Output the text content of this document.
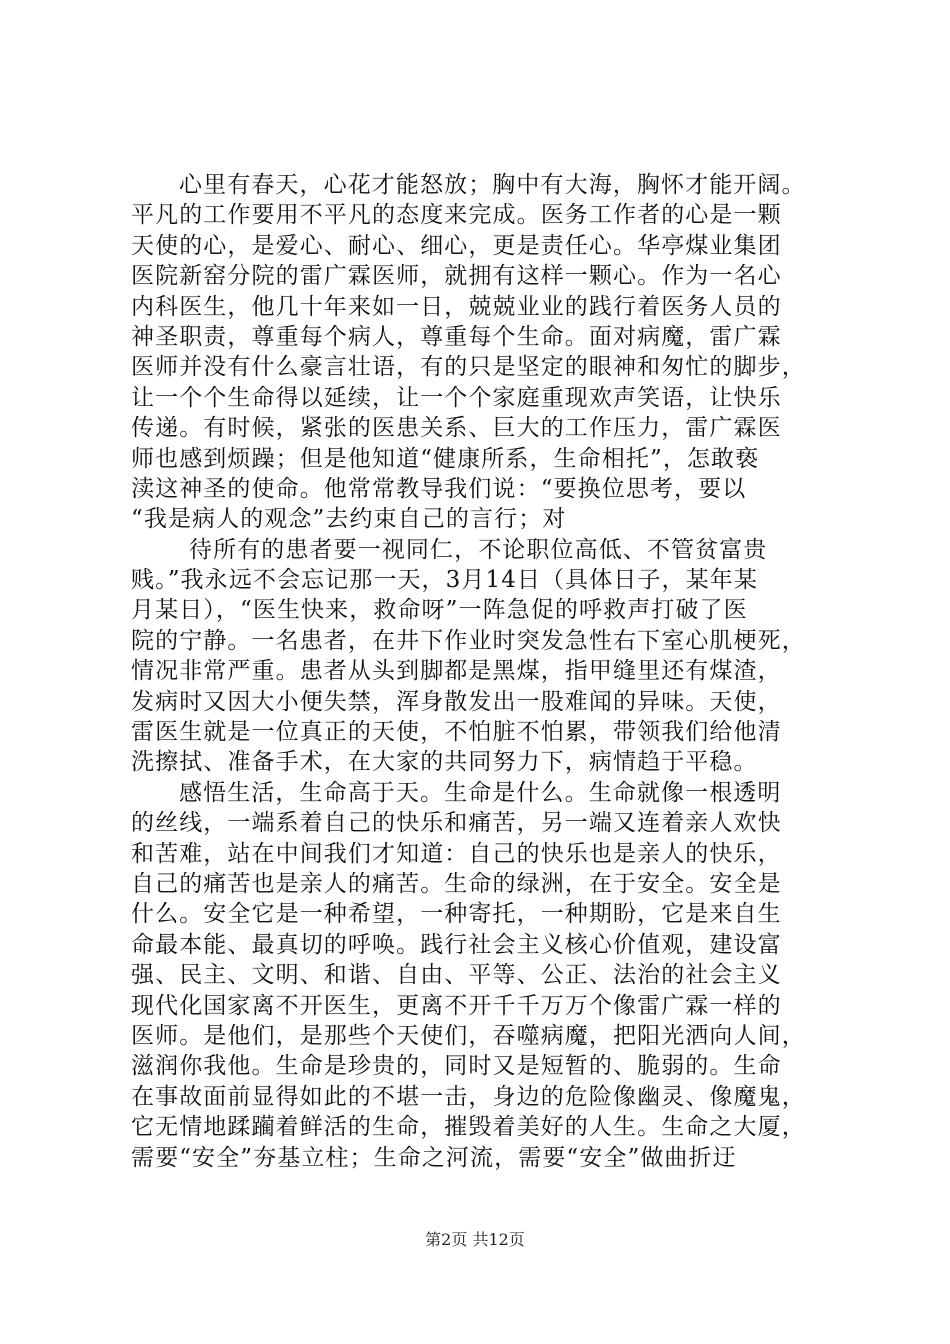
心里有春天，心花才能怒放；胸中有大海，胸怀才能开阔。
平凡的工作要用不平凡的态度来完成。医务工作者的心是一颗
天使的心，是爱心、耐心、细心，更是责任心。华亭煤业集团
医院新窑分院的雷广霖医师，就拥有这样一颗心。作为一名心
内科医生，他几十年来如一日，兢兢业业的践行着医务人员的
神圣职责，尊重每个病人，尊重每个生命。面对病魔，雷广霖
医师并没有什么豪言壮语，有的只是坚定的眼神和匆忙的脚步，
让一个个生命得以延续，让一个个家庭重现欢声笑语，让快乐
传递。有时候，紧张的医患关系、巨大的工作压力，雷广霖医
师也感到烦躁；但是他知道“健康所系，生命相托”，怎敢亵
渎这神圣的使命。他常常教导我们说：“要换位思考，要以
“我是病人的观念”去约束自己的言行；对
待所有的患者要一视同仁，不论职位高低、不管贫富贵
贱。”我永远不会忘记那一天，3月14日（具体日子，某年某
月某日），“医生快来，救命呀”一阵急促的呼救声打破了医
院的宁静。一名患者，在井下作业时突发急性右下室心肌梗死，
情况非常严重。患者从头到脚都是黑煤，指甲缝里还有煤渣，
发病时又因大小便失禁，浑身散发出一股难闻的异味。天使，
雷医生就是一位真正的天使，不怕脏不怕累，带领我们给他清
洗擦拭、准备手术，在大家的共同努力下，病情趋于平稳。
感悟生活，生命高于天。生命是什么。生命就像一根透明
的丝线，一端系着自己的快乐和痛苦，另一端又连着亲人欢快
和苦难，站在中间我们才知道：自己的快乐也是亲人的快乐，
自己的痛苦也是亲人的痛苦。生命的绿洲，在于安全。安全是
什么。安全它是一种希望，一种寄托，一种期盼，它是来自生
命最本能、最真切的呼唤。践行社会主义核心价值观，建设富
强、民主、文明、和谐、自由、平等、公正、法治的社会主义
现代化国家离不开医生，更离不开千千万万个像雷广霖一样的
医师。是他们，是那些个天使们，吞噬病魔，把阳光洒向人间，
滋润你我他。生命是珍贵的，同时又是短暂的、脆弱的。生命
在事故面前显得如此的不堪一击，身边的危险像幽灵、像魔鬼，
它无情地蹂躏着鲜活的生命，摧毁着美好的人生。生命之大厦，
需要“安全”夯基立柱；生命之河流，需要“安全”做曲折迂
第2页 共12页
